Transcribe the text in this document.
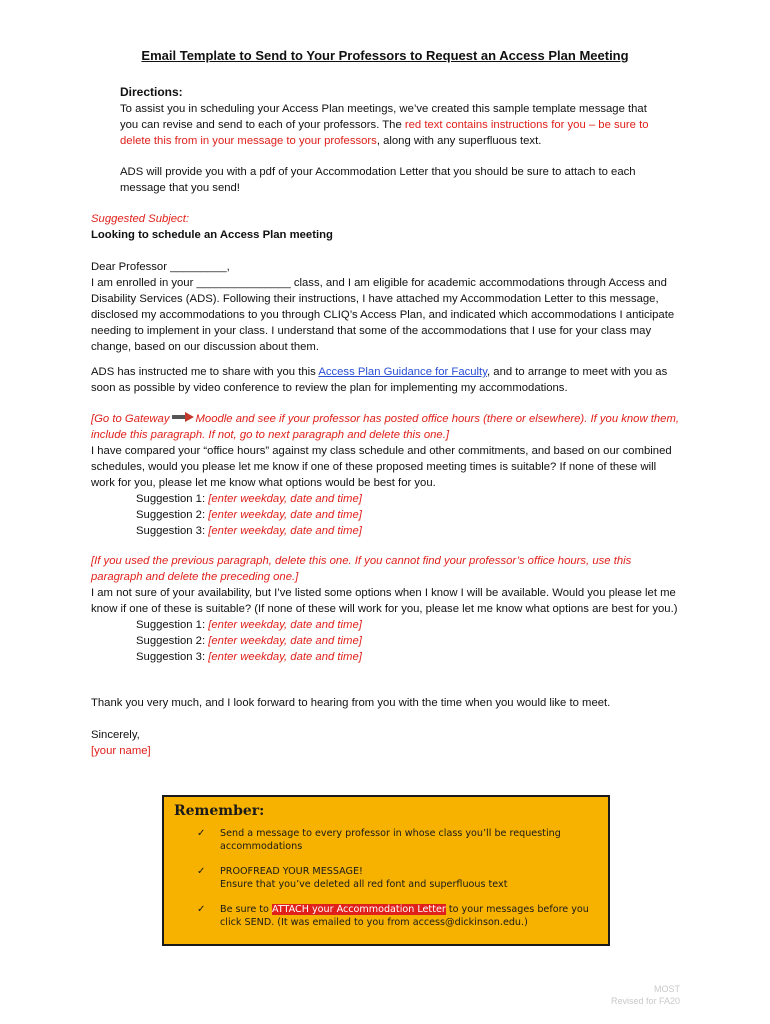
Email Template to Send to Your Professors to Request an Access Plan Meeting
Directions:
To assist you in scheduling your Access Plan meetings, we’ve created this sample template message that you can revise and send to each of your professors. The red text contains instructions for you – be sure to delete this from in your message to your professors, along with any superfluous text.
ADS will provide you with a pdf of your Accommodation Letter that you should be sure to attach to each message that you send!

Suggested Subject:

Looking to schedule an Access Plan meeting

Dear Professor _________,

I am enrolled in your _______________ class, and I am eligible for academic accommodations through Access and Disability Services (ADS). Following their instructions, I have attached my Accommodation Letter to this message, disclosed my accommodations to you through CLIQ’s Access Plan, and indicated which accommodations I anticipate needing to implement in your class. I understand that some of the accommodations that I use for your class may change, based on our discussion about them.

ADS has instructed me to share with you this Access Plan Guidance for Faculty, and to arrange to meet with you as soon as possible by video conference to review the plan for implementing my accommodations.

[Go to Gateway Moodle and see if your professor has posted office hours (there or elsewhere). If you know them, include this paragraph. If not, go to next paragraph and delete this one.]

I have compared your “office hours” against my class schedule and other commitments, and based on our combined schedules, would you please let me know if one of these proposed meeting times is suitable? If none of these will work for you, please let me know what options would be best for you.

Suggestion 1: [enter weekday, date and time]

Suggestion 2: [enter weekday, date and time]

Suggestion 3: [enter weekday, date and time]

[If you used the previous paragraph, delete this one. If you cannot find your professor’s office hours, use this paragraph and delete the preceding one.]

I am not sure of your availability, but I’ve listed some options when I know I will be available. Would you please let me know if one of these is suitable? (If none of these will work for you, please let me know what options are best for you.)

Suggestion 1: [enter weekday, date and time]

Suggestion 2: [enter weekday, date and time]

Suggestion 3: [enter weekday, date and time]

Thank you very much, and I look forward to hearing from you with the time when you would like to meet.

Sincerely,

[your name]

Remember:
✓ Send a message to every professor in whose class you’ll be requesting accommodations
✓ PROOFREAD YOUR MESSAGE!
Ensure that you’ve deleted all red font and superfluous text
✓ Be sure to ATTACH your Accommodation Letter to your messages before you click SEND. (It was emailed to you from access@dickinson.edu.)
MOST
Revised for FA20
